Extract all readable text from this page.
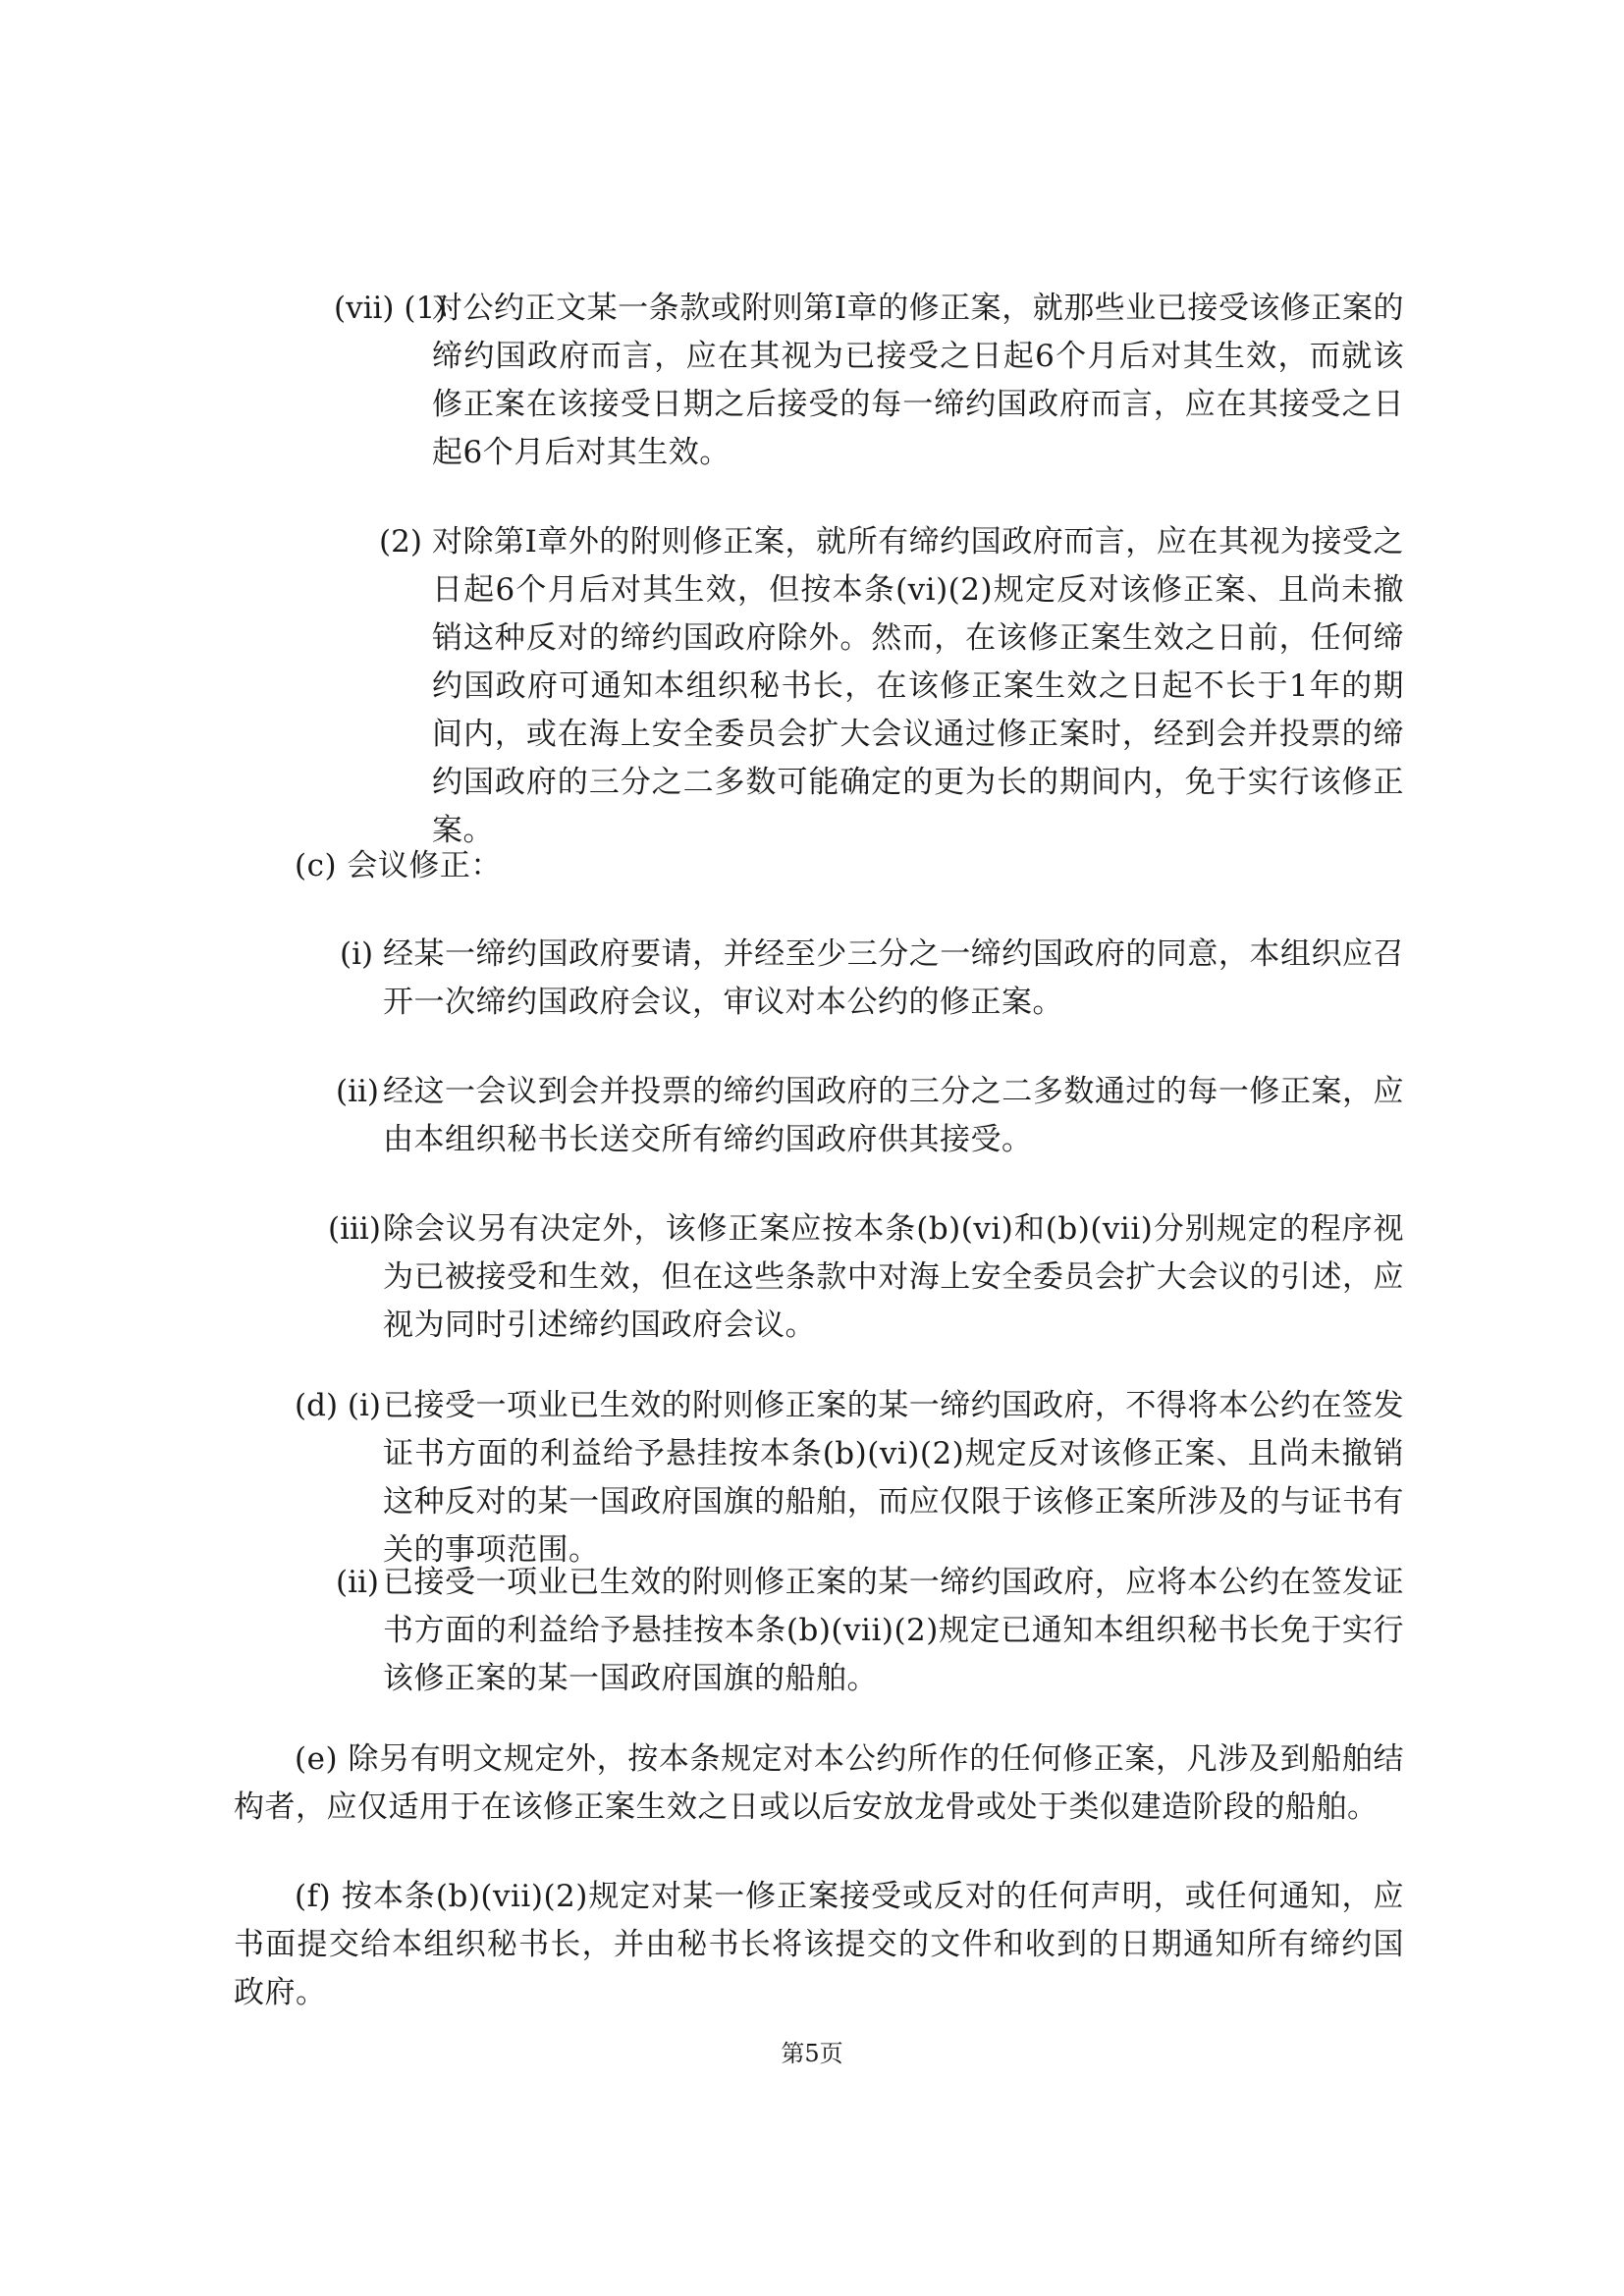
(vii) (1)
对公约正文某一条款或附则第I章的修正案，就那些业已接受该修正案的缔约国政府而言，应在其视为已接受之日起6个月后对其生效，而就该修正案在该接受日期之后接受的每一缔约国政府而言，应在其接受之日起6个月后对其生效。
(2) 对除第I章外的附则修正案，就所有缔约国政府而言，应在其视为接受之日起6个月后对其生效，但按本条(vi)(2)规定反对该修正案、且尚未撤销这种反对的缔约国政府除外。然而，在该修正案生效之日前，任何缔约国政府可通知本组织秘书长，在该修正案生效之日起不长于1年的期间内，或在海上安全委员会扩大会议通过修正案时，经到会并投票的缔约国政府的三分之二多数可能确定的更为长的期间内，免于实行该修正案。
(c) 会议修正：
(i) 经某一缔约国政府要请，并经至少三分之一缔约国政府的同意，本组织应召开一次缔约国政府会议，审议对本公约的修正案。
(ii) 经这一会议到会并投票的缔约国政府的三分之二多数通过的每一修正案，应由本组织秘书长送交所有缔约国政府供其接受。
(iii) 除会议另有决定外，该修正案应按本条(b)(vi)和(b)(vii)分别规定的程序视为已被接受和生效，但在这些条款中对海上安全委员会扩大会议的引述，应视为同时引述缔约国政府会议。
(d) (i) 已接受一项业已生效的附则修正案的某一缔约国政府，不得将本公约在签发证书方面的利益给予悬挂按本条(b)(vi)(2)规定反对该修正案、且尚未撤销这种反对的某一国政府国旗的船舶，而应仅限于该修正案所涉及的与证书有关的事项范围。
(ii) 已接受一项业已生效的附则修正案的某一缔约国政府，应将本公约在签发证书方面的利益给予悬挂按本条(b)(vii)(2)规定已通知本组织秘书长免于实行该修正案的某一国政府国旗的船舶。
(e) 除另有明文规定外，按本条规定对本公约所作的任何修正案，凡涉及到船舶结构者，应仅适用于在该修正案生效之日或以后安放龙骨或处于类似建造阶段的船舶。
(f) 按本条(b)(vii)(2)规定对某一修正案接受或反对的任何声明，或任何通知，应书面提交给本组织秘书长，并由秘书长将该提交的文件和收到的日期通知所有缔约国政府。
第5页
